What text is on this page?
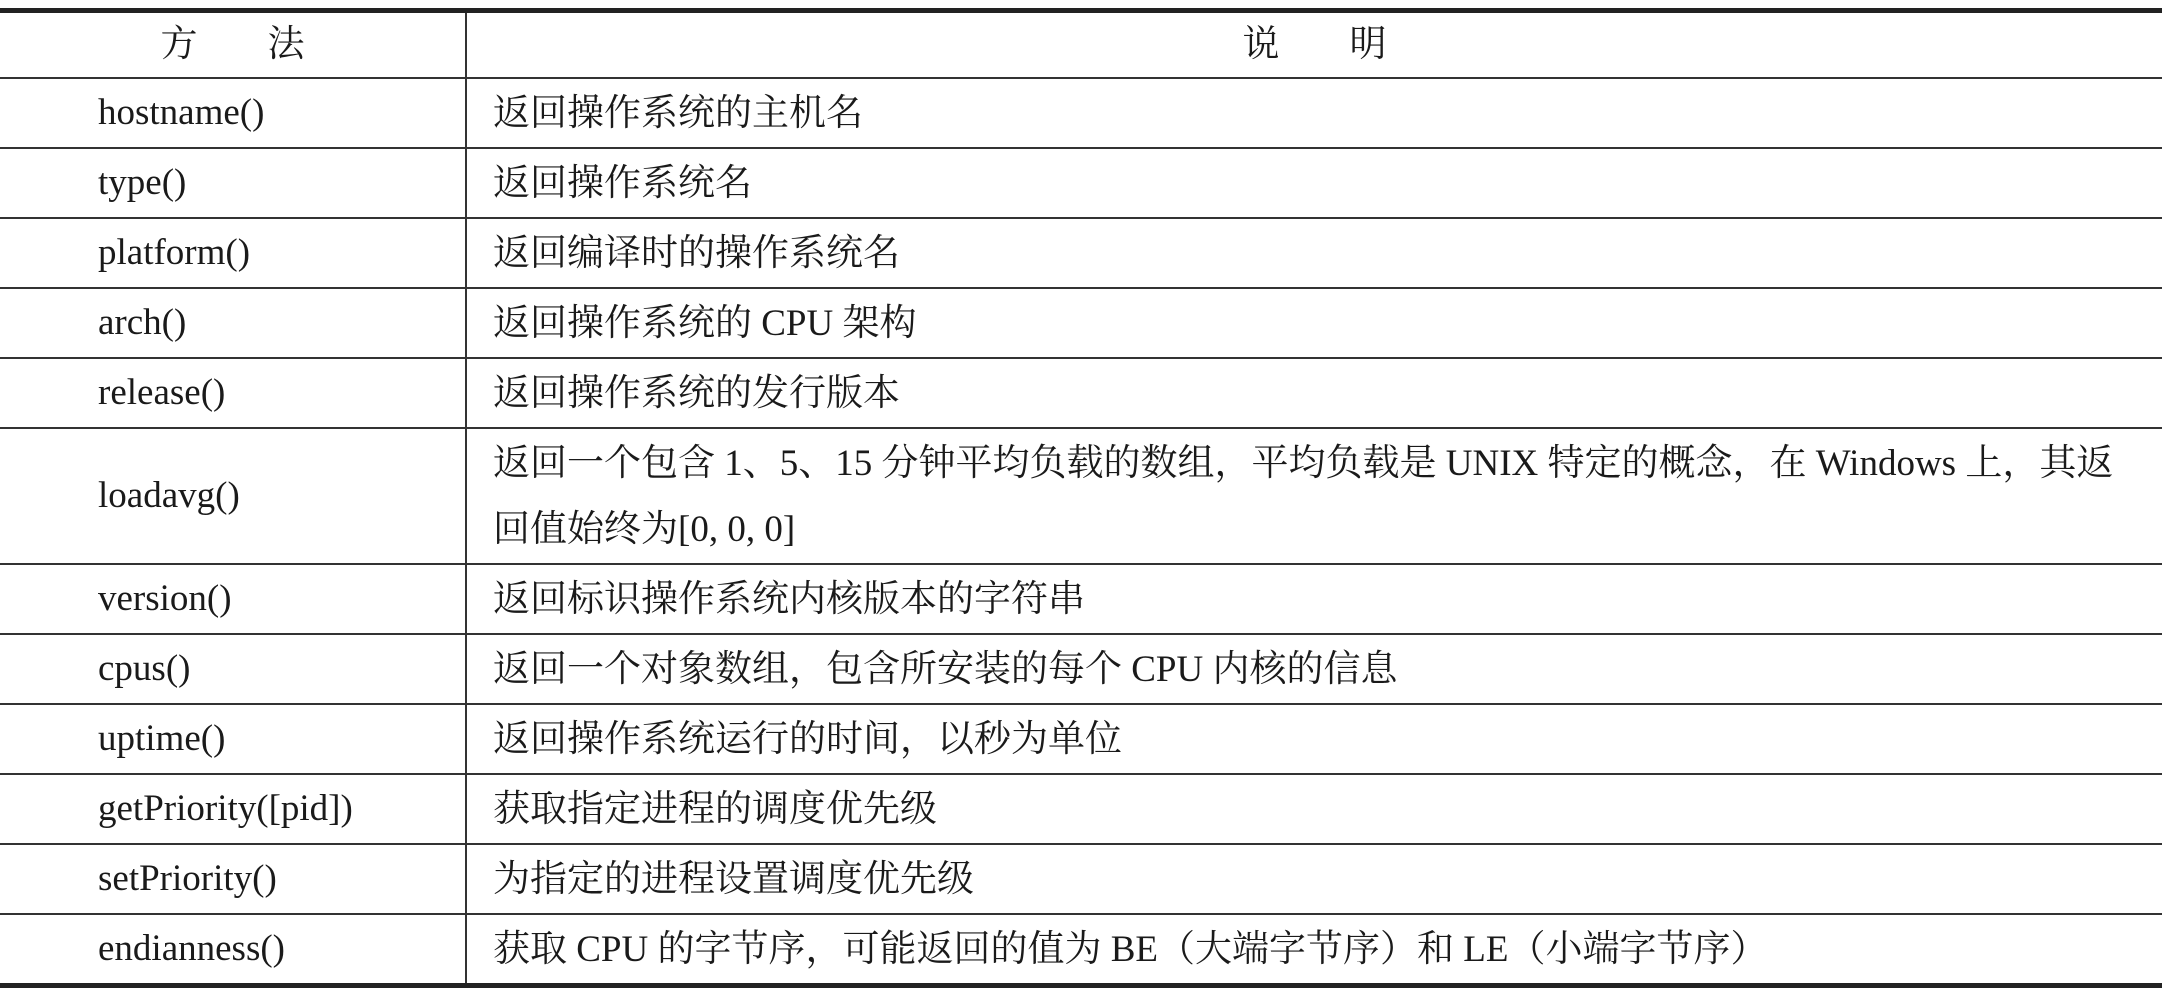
方 法	说 明
hostname()	返回操作系统的主机名
type()	返回操作系统名
platform()	返回编译时的操作系统名
arch()	返回操作系统的 CPU 架构
release()	返回操作系统的发行版本
loadavg()	返回一个包含 1、5、15 分钟平均负载的数组，平均负载是 UNIX 特定的概念，在 Windows 上，其返回值始终为[0, 0, 0]
version()	返回标识操作系统内核版本的字符串
cpus()	返回一个对象数组，包含所安装的每个 CPU 内核的信息
uptime()	返回操作系统运行的时间，以秒为单位
getPriority([pid])	获取指定进程的调度优先级
setPriority()	为指定的进程设置调度优先级
endianness()	获取 CPU 的字节序，可能返回的值为 BE（大端字节序）和 LE（小端字节序）
